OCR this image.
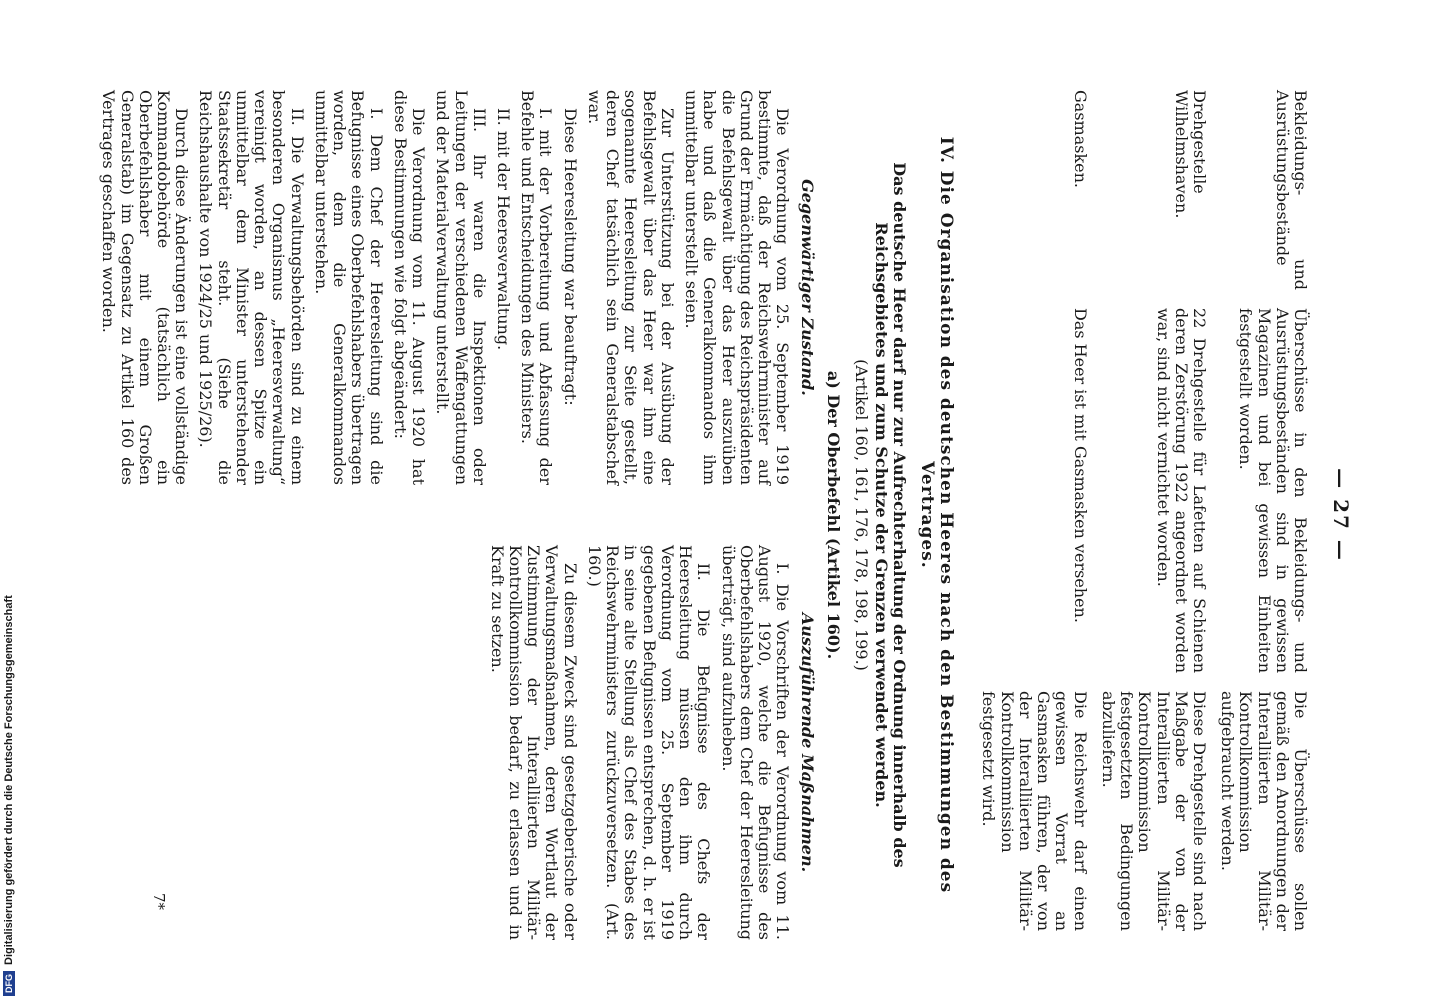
— 27 —
Bekleidungs- und Ausrüstungsbestände
Überschüsse in den Bekleidungs- und Ausrüstungsbeständen sind in gewissen Magazinen und bei gewissen Einheiten festgestellt worden.
Die Überschüsse sollen gemäß den Anordnungen der Interalliierten Militär-Kontrollkommission aufgebraucht werden.
Drehgestelle Wilhelmshaven.
22 Drehgestelle für Lafetten auf Schienen deren Zerstörung 1922 angeordnet worden war, sind nicht vernichtet worden.
Diese Drehgestelle sind nach Maßgabe der von der Interalliierten Militär-Kontrollkommission festgesetzten Bedingungen abzuliefern.
Gasmasken.
Das Heer ist mit Gasmasken versehen.
Die Reichswehr darf einen gewissen Vorrat an Gasmasken führen, der von der Interalliierten Militär-Kontrollkommission festgesetzt wird.
IV. Die Organisation des deutschen Heeres nach den Bestimmungen des Vertrages.
Das deutsche Heer darf nur zur Aufrechterhaltung der Ordnung innerhalb des Reichsgebietes und zum Schutze der Grenzen verwendet werden.
(Artikel 160, 161, 176, 178, 198, 199.)
a) Der Oberbefehl (Artikel 160).
Gegenwärtiger Zustand.

Die Verordnung vom 25. September 1919 bestimmte, daß der Reichswehrminister auf Grund der Ermächtigung des Reichspräsidenten die Befehlsgewalt über das Heer auszuüben habe und daß die Generalkommandos ihm unmittelbar unterstellt seien.

Zur Unterstützung bei der Ausübung der Befehlsgewalt über das Heer war ihm eine sogenannte Heeresleitung zur Seite gestellt, deren Chef tatsächlich sein Generalstabschef war.

Diese Heeresleitung war beauftragt:

I. mit der Vorbereitung und Abfassung der Befehle und Entscheidungen des Ministers.

II. mit der Heeresverwaltung.

III. Ihr waren die Inspektionen oder Leitungen der verschiedenen Waffengattungen und der Materialverwaltung unterstellt.

Die Verordnung vom 11. August 1920 hat diese Bestimmungen wie folgt abgeändert:

I. Dem Chef der Heeresleitung sind die Befugnisse eines Oberbefehlshabers übertragen worden, dem die Generalkommandos unmittelbar unterstehen.

II. Die Verwaltungsbehörden sind zu einem besonderen Organismus „Heeresverwaltung“ vereinigt worden, an dessen Spitze ein unmittelbar dem Minister unterstehender Staatssekretär steht. (Siehe die Reichshaushalte von 1924/25 und 1925/26).

Durch diese Änderungen ist eine vollständige Kommandobehörde (tatsächlich ein Oberbefehlshaber mit einem Großen Generalstab) im Gegensatz zu Artikel 160 des Vertrages geschaffen worden.

Auszuführende Maßnahmen.

I. Die Vorschriften der Verordnung vom 11. August 1920, welche die Befugnisse des Oberbefehlshabers dem Chef der Heeresleitung überträgt, sind aufzuheben.

II. Die Befugnisse des Chefs der Heeresleitung müssen den ihm durch Verordnung vom 25. September 1919 gegebenen Befugnissen entsprechen, d. h. er ist in seine alte Stellung als Chef des Stabes des Reichswehrministers zurückzuversetzen. (Art. 160.)

Zu diesem Zweck sind gesetzgeberische oder Verwaltungsmaßnahmen, deren Wortlaut der Zustimmung der Interalliierten Militär-Kontrollkommission bedarf, zu erlassen und in Kraft zu setzen.

7*
DFG
Digitalisierung gefördert durch die Deutsche Forschungsgemeinschaft
